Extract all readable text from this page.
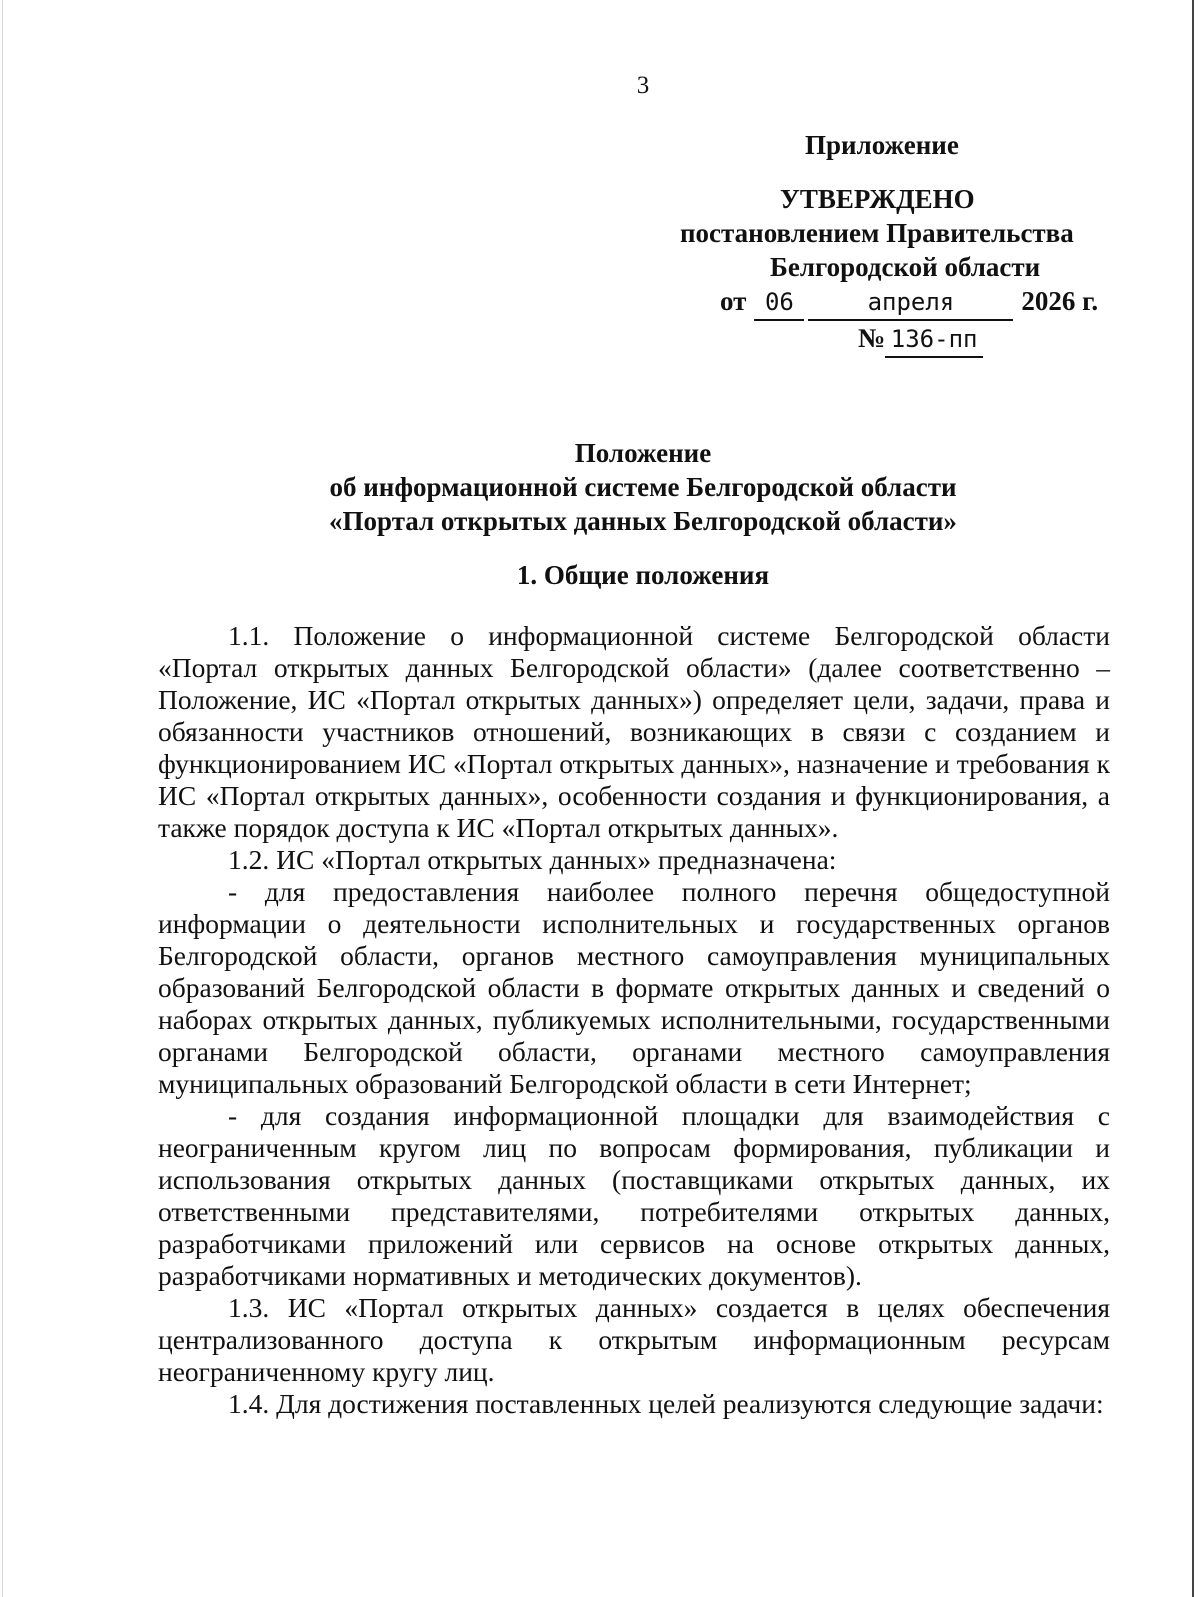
3
Приложение
УТВЕРЖДЕНО
постановлением Правительства
Белгородской области
от 06	апреля 2026 г.
№ 136-пп
Положение
об информационной системе Белгородской области
«Портал открытых данных Белгородской области»
1. Общие положения

1.1. Положение о информационной системе Белгородской области «Портал открытых данных Белгородской области» (далее соответственно – Положение, ИС «Портал открытых данных») определяет цели, задачи, права и обязанности участников отношений, возникающих в связи с созданием и функционированием ИС «Портал открытых данных», назначение и требования к ИС «Портал открытых данных», особенности создания и функционирования, а также порядок доступа к ИС «Портал открытых данных».

1.2. ИС «Портал открытых данных» предназначена:

- для предоставления наиболее полного перечня общедоступной информации о деятельности исполнительных и государственных органов Белгородской области, органов местного самоуправления муниципальных образований Белгородской области в формате открытых данных и сведений о наборах открытых данных, публикуемых исполнительными, государственными органами Белгородской области, органами местного самоуправления муниципальных образований Белгородской области в сети Интернет;

- для создания информационной площадки для взаимодействия с неограниченным кругом лиц по вопросам формирования, публикации и использования открытых данных (поставщиками открытых данных, их ответственными представителями, потребителями открытых данных, разработчиками приложений или сервисов на основе открытых данных, разработчиками нормативных и методических документов).

1.3. ИС «Портал открытых данных» создается в целях обеспечения централизованного доступа к открытым информационным ресурсам неограниченному кругу лиц.

1.4. Для достижения поставленных целей реализуются следующие задачи:
